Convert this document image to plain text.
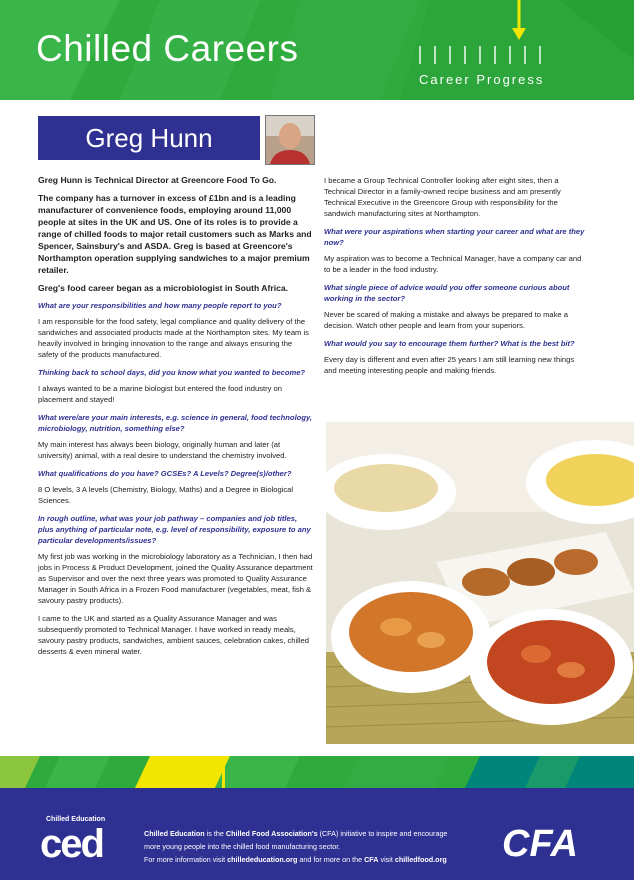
Chilled Careers
Career Progress
Greg Hunn

Greg Hunn is Technical Director at Greencore Food To Go.

The company has a turnover in excess of £1bn and is a leading manufacturer of convenience foods, employing around 11,000 people at sites in the UK and US. One of its roles is to provide a range of chilled foods to major retail customers such as Marks and Spencer, Sainsbury's and ASDA. Greg is based at Greencore's Northampton operation supplying sandwiches to a major premium retailer.

Greg's food career began as a microbiologist in South Africa.

What are your responsibilities and how many people report to you?

I am responsible for the food safety, legal compliance and quality delivery of the sandwiches and associated products made at the Northampton sites. My team is heavily involved in bringing innovation to the range and always ensuring the safety of the products manufactured.

Thinking back to school days, did you know what you wanted to become?

I always wanted to be a marine biologist but entered the food industry on placement and stayed!

What were/are your main interests, e.g. science in general, food technology, microbiology, nutrition, something else?

My main interest has always been biology, originally human and later (at university) animal, with a real desire to understand the chemistry involved.

What qualifications do you have? GCSEs? A Levels? Degree(s)/other?

8 O levels, 3 A levels (Chemistry, Biology, Maths) and a Degree in Biological Sciences.

In rough outline, what was your job pathway – companies and job titles, plus anything of particular note, e.g. level of responsibility, exposure to any particular developments/issues?

My first job was working in the microbiology laboratory as a Technician, I then had jobs in Process & Product Development, joined the Quality Assurance department as Supervisor and over the next three years was promoted to Quality Assurance Manager in South Africa in a Frozen Food manufacturer (vegetables, meat, fish & savoury pastry products).

I came to the UK and started as a Quality Assurance Manager and was subsequently promoted to Technical Manager. I have worked in ready meals, savoury pastry products, sandwiches, ambient sauces, celebration cakes, chilled desserts & even mineral water.

I became a Group Technical Controller looking after eight sites, then a Technical Director in a family-owned recipe business and am presently Technical Executive in the Greencore Group with responsibility for the sandwich manufacturing sites at Northampton.

What were your aspirations when starting your career and what are they now?

My aspiration was to become a Technical Manager, have a company car and to be a leader in the food industry.

What single piece of advice would you offer someone curious about working in the sector?

Never be scared of making a mistake and always be prepared to make a decision. Watch other people and learn from your superiors.

What would you say to encourage them further? What is the best bit?

Every day is different and even after 25 years I am still learning new things and meeting interesting people and making friends.

Chilled Education
ced	Chilled Education is the Chilled Food Association's (CFA) initiative to inspire and encourage
more young people into the chilled food manufacturing sector.
For more information visit chillededucation.org and for more on the CFA visit chilledfood.org CFA
